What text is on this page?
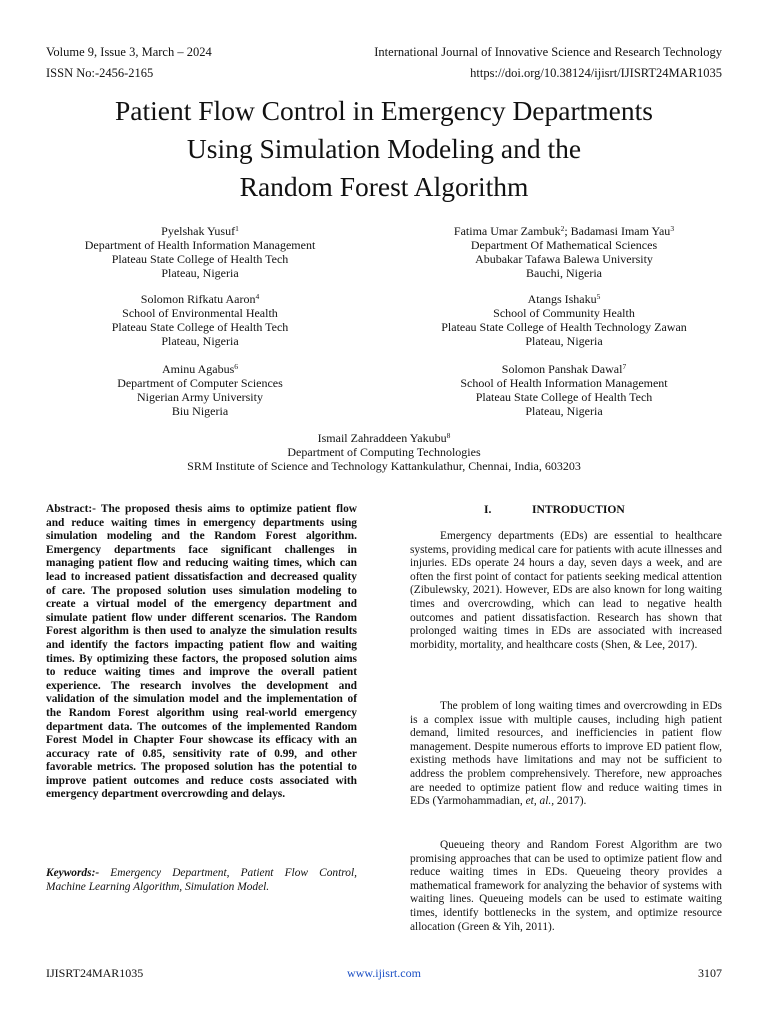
Volume 9, Issue 3, March – 2024	International Journal of Innovative Science and Research Technology
ISSN No:-2456-2165	https://doi.org/10.38124/ijisrt/IJISRT24MAR1035
Patient Flow Control in Emergency Departments
Using Simulation Modeling and the
Random Forest Algorithm
Pyelshak Yusuf$^1$
Department of Health Information Management
Plateau State College of Health Tech
Plateau, Nigeria
Fatima Umar Zambuk$^2$; Badamasi Imam Yau$^3$
Department Of Mathematical Sciences
Abubakar Tafawa Balewa University
Bauchi, Nigeria
Solomon Rifkatu Aaron$^4$
School of Environmental Health
Plateau State College of Health Tech
Plateau, Nigeria
Atangs Ishaku$^5$
School of Community Health
Plateau State College of Health Technology Zawan
Plateau, Nigeria
Aminu Agabus$^6$
Department of Computer Sciences
Nigerian Army University
Biu Nigeria
Solomon Panshak Dawal$^7$
School of Health Information Management
Plateau State College of Health Tech
Plateau, Nigeria
Ismail Zahraddeen Yakubu$^8$
Department of Computing Technologies
SRM Institute of Science and Technology Kattankulathur, Chennai, India, 603203
Abstract:- The proposed thesis aims to optimize patient flow and reduce waiting times in emergency departments using simulation modeling and the Random Forest algorithm. Emergency departments face significant challenges in managing patient flow and reducing waiting times, which can lead to increased patient dissatisfaction and decreased quality of care. The proposed solution uses simulation modeling to create a virtual model of the emergency department and simulate patient flow under different scenarios. The Random Forest algorithm is then used to analyze the simulation results and identify the factors impacting patient flow and waiting times. By optimizing these factors, the proposed solution aims to reduce waiting times and improve the overall patient experience. The research involves the development and validation of the simulation model and the implementation of the Random Forest algorithm using real-world emergency department data. The outcomes of the implemented Random Forest Model in Chapter Four showcase its efficacy with an accuracy rate of 0.85, sensitivity rate of 0.99, and other favorable metrics. The proposed solution has the potential to improve patient outcomes and reduce costs associated with emergency department overcrowding and delays.
Keywords:- Emergency Department, Patient Flow Control, Machine Learning Algorithm, Simulation Model.
I.	INTRODUCTION

Emergency departments (EDs) are essential to healthcare systems, providing medical care for patients with acute illnesses and injuries. EDs operate 24 hours a day, seven days a week, and are often the first point of contact for patients seeking medical attention (Zibulewsky, 2021). However, EDs are also known for long waiting times and overcrowding, which can lead to negative health outcomes and patient dissatisfaction. Research has shown that prolonged waiting times in EDs are associated with increased morbidity, mortality, and healthcare costs (Shen, & Lee, 2017).

The problem of long waiting times and overcrowding in EDs is a complex issue with multiple causes, including high patient demand, limited resources, and inefficiencies in patient flow management. Despite numerous efforts to improve ED patient flow, existing methods have limitations and may not be sufficient to address the problem comprehensively. Therefore, new approaches are needed to optimize patient flow and reduce waiting times in EDs (Yarmohammadian, et, al., 2017).

Queueing theory and Random Forest Algorithm are two promising approaches that can be used to optimize patient flow and reduce waiting times in EDs. Queueing theory provides a mathematical framework for analyzing the behavior of systems with waiting lines. Queueing models can be used to estimate waiting times, identify bottlenecks in the system, and optimize resource allocation (Green & Yih, 2011).

IJISRT24MAR1035	www.ijisrt.com	3107
